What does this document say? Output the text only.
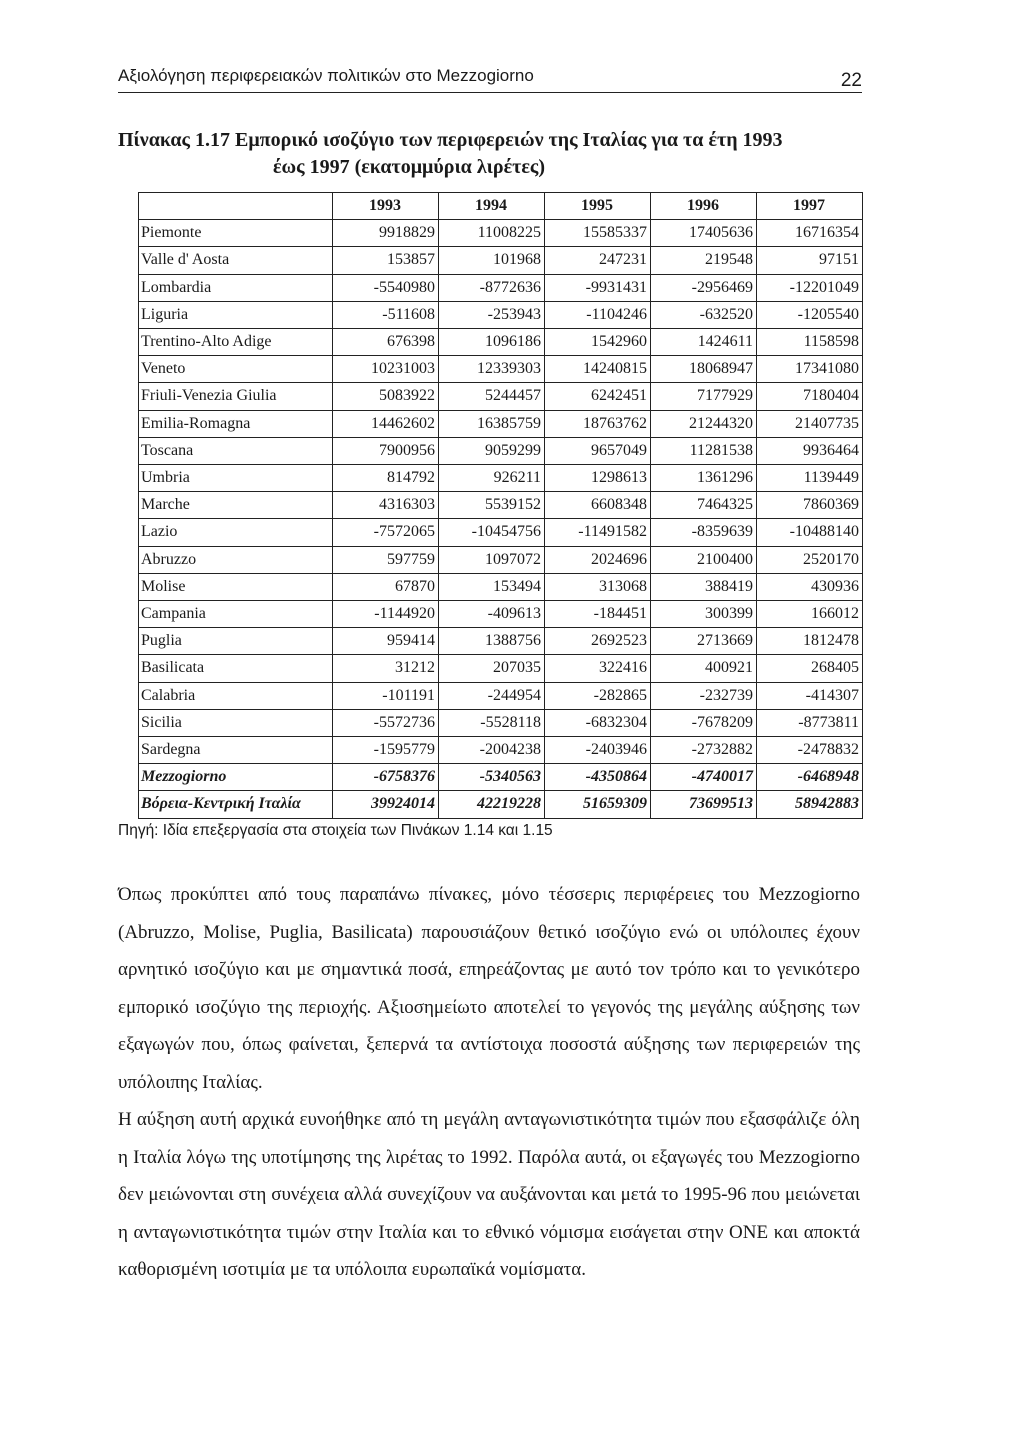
Αξιολόγηση περιφερειακών πολιτικών στο Mezzogiorno	22
Πίνακας 1.17 Εμπορικό ισοζύγιο των περιφερειών της Ιταλίας για τα έτη 1993
έως 1997 (εκατομμύρια λιρέτες)
	1993	1994	1995	1996	1997
Piemonte	9918829	11008225	15585337	17405636	16716354
Valle d' Aosta	153857	101968	247231	219548	97151
Lombardia	-5540980	-8772636	-9931431	-2956469	-12201049
Liguria	-511608	-253943	-1104246	-632520	-1205540
Trentino-Alto Adige	676398	1096186	1542960	1424611	1158598
Veneto	10231003	12339303	14240815	18068947	17341080
Friuli-Venezia Giulia	5083922	5244457	6242451	7177929	7180404
Emilia-Romagna	14462602	16385759	18763762	21244320	21407735
Toscana	7900956	9059299	9657049	11281538	9936464
Umbria	814792	926211	1298613	1361296	1139449
Marche	4316303	5539152	6608348	7464325	7860369
Lazio	-7572065	-10454756	-11491582	-8359639	-10488140
Abruzzo	597759	1097072	2024696	2100400	2520170
Molise	67870	153494	313068	388419	430936
Campania	-1144920	-409613	-184451	300399	166012
Puglia	959414	1388756	2692523	2713669	1812478
Basilicata	31212	207035	322416	400921	268405
Calabria	-101191	-244954	-282865	-232739	-414307
Sicilia	-5572736	-5528118	-6832304	-7678209	-8773811
Sardegna	-1595779	-2004238	-2403946	-2732882	-2478832
Mezzogiorno	-6758376	-5340563	-4350864	-4740017	-6468948
Βόρεια-Κεντρική Ιταλία	39924014	42219228	51659309	73699513	58942883
Πηγή: Ιδία επεξεργασία στα στοιχεία των Πινάκων 1.14 και 1.15

Όπως προκύπτει από τους παραπάνω πίνακες, μόνο τέσσερις περιφέρειες του Mezzogiorno (Abruzzo, Molise, Puglia, Basilicata) παρουσιάζουν θετικό ισοζύγιο ενώ οι υπόλοιπες έχουν αρνητικό ισοζύγιο και με σημαντικά ποσά, επηρεάζοντας με αυτό τον τρόπο και το γενικότερο εμπορικό ισοζύγιο της περιοχής. Αξιοσημείωτο αποτελεί το γεγονός της μεγάλης αύξησης των εξαγωγών που, όπως φαίνεται, ξεπερνά τα αντίστοιχα ποσοστά αύξησης των περιφερειών της υπόλοιπης Ιταλίας.

Η αύξηση αυτή αρχικά ευνοήθηκε από τη μεγάλη ανταγωνιστικότητα τιμών που εξασφάλιζε όλη η Ιταλία λόγω της υποτίμησης της λιρέτας το 1992. Παρόλα αυτά, οι εξαγωγές του Mezzogiorno δεν μειώνονται στη συνέχεια αλλά συνεχίζουν να αυξάνονται και μετά το 1995-96 που μειώνεται η ανταγωνιστικότητα τιμών στην Ιταλία και το εθνικό νόμισμα εισάγεται στην ΟΝΕ και αποκτά καθορισμένη ισοτιμία με τα υπόλοιπα ευρωπαϊκά νομίσματα.
